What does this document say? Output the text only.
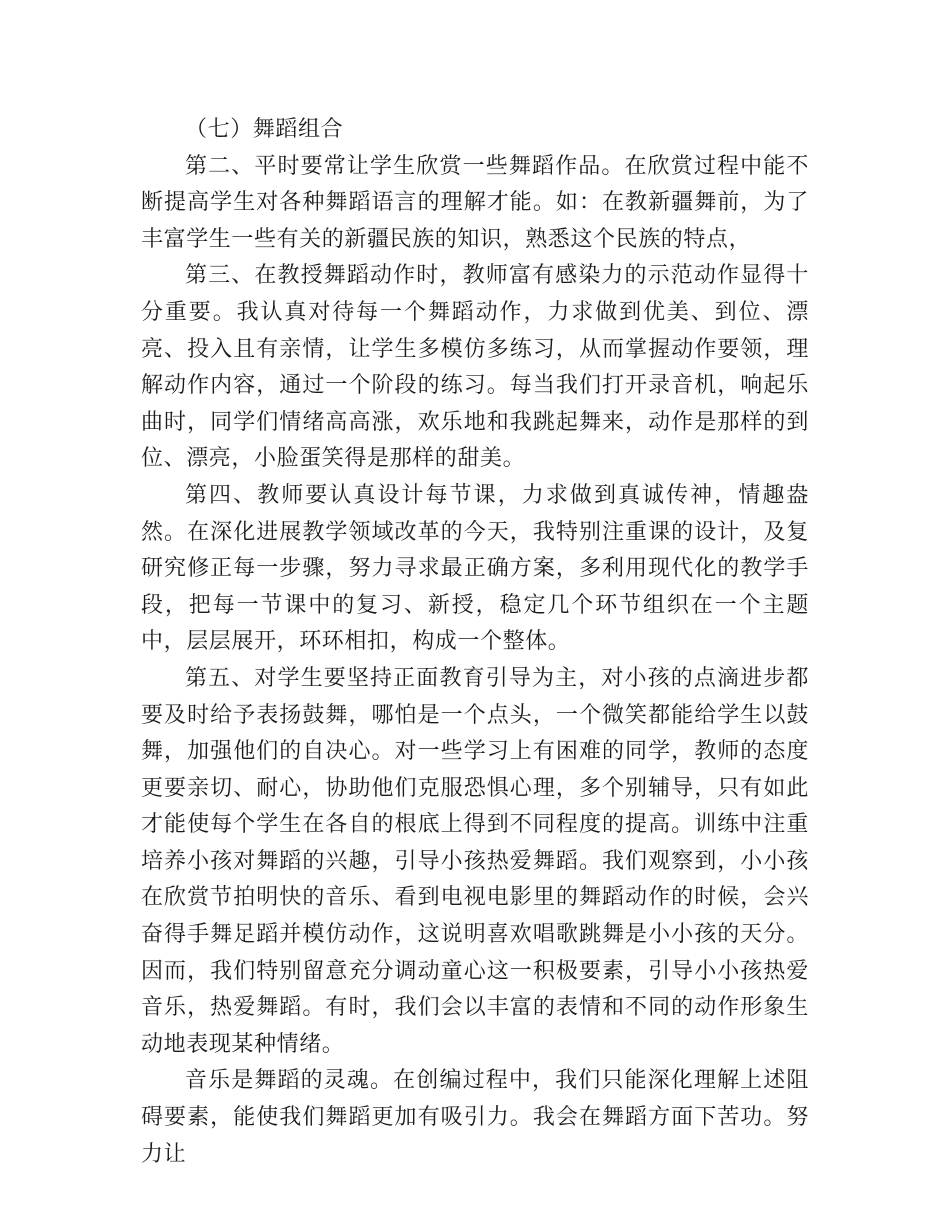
（七）舞蹈组合

第二、平时要常让学生欣赏一些舞蹈作品。在欣赏过程中能不断提高学生对各种舞蹈语言的理解才能。如：在教新疆舞前，为了丰富学生一些有关的新疆民族的知识，熟悉这个民族的特点，

第三、在教授舞蹈动作时，教师富有感染力的示范动作显得十分重要。我认真对待每一个舞蹈动作，力求做到优美、到位、漂亮、投入且有亲情，让学生多模仿多练习，从而掌握动作要领，理解动作内容，通过一个阶段的练习。每当我们打开录音机，响起乐曲时，同学们情绪高高涨，欢乐地和我跳起舞来，动作是那样的到位、漂亮，小脸蛋笑得是那样的甜美。

第四、教师要认真设计每节课，力求做到真诚传神，情趣盎然。在深化进展教学领域改革的今天，我特别注重课的设计，及复研究修正每一步骤，努力寻求最正确方案，多利用现代化的教学手段，把每一节课中的复习、新授，稳定几个环节组织在一个主题中，层层展开，环环相扣，构成一个整体。

第五、对学生要坚持正面教育引导为主，对小孩的点滴进步都要及时给予表扬鼓舞，哪怕是一个点头，一个微笑都能给学生以鼓舞，加强他们的自决心。对一些学习上有困难的同学，教师的态度更要亲切、耐心，协助他们克服恐惧心理，多个别辅导，只有如此才能使每个学生在各自的根底上得到不同程度的提高。训练中注重培养小孩对舞蹈的兴趣，引导小孩热爱舞蹈。我们观察到，小小孩在欣赏节拍明快的音乐、看到电视电影里的舞蹈动作的时候，会兴奋得手舞足蹈并模仿动作，这说明喜欢唱歌跳舞是小小孩的天分。因而，我们特别留意充分调动童心这一积极要素，引导小小孩热爱音乐，热爱舞蹈。有时，我们会以丰富的表情和不同的动作形象生动地表现某种情绪。

音乐是舞蹈的灵魂。在创编过程中，我们只能深化理解上述阻碍要素，能使我们舞蹈更加有吸引力。我会在舞蹈方面下苦功。努力让
